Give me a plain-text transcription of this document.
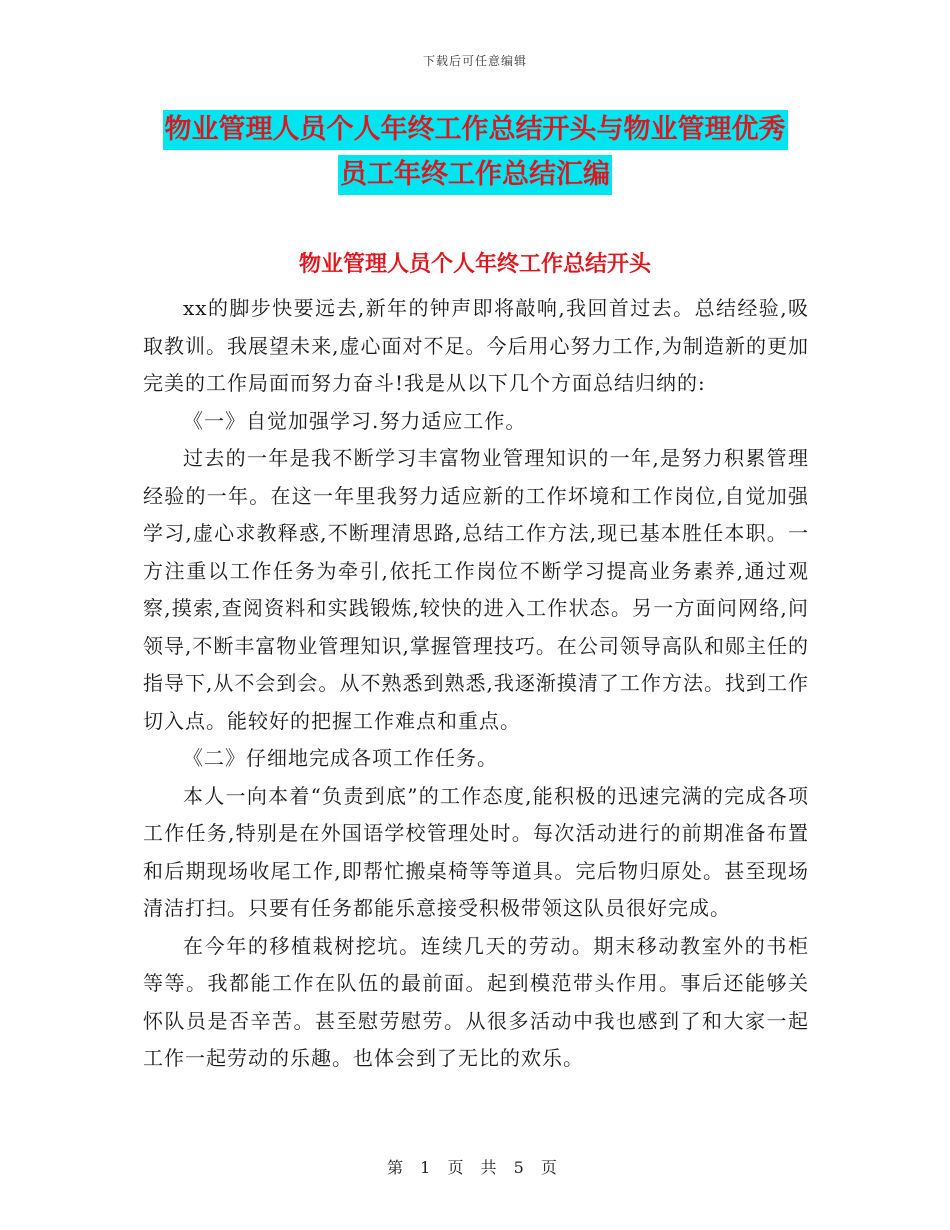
下载后可任意编辑
物业管理人员个人年终工作总结开头与物业管理优秀
员工年终工作总结汇编
物业管理人员个人年终工作总结开头

xx的脚步快要远去,新年的钟声即将敲响,我回首过去。总结经验,吸取教训。我展望未来,虚心面对不足。今后用心努力工作,为制造新的更加完美的工作局面而努力奋斗!我是从以下几个方面总结归纳的:

《一》自觉加强学习.努力适应工作。

过去的一年是我不断学习丰富物业管理知识的一年,是努力积累管理经验的一年。在这一年里我努力适应新的工作坏境和工作岗位,自觉加强学习,虚心求教释惑,不断理清思路,总结工作方法,现已基本胜任本职。一方注重以工作任务为牵引,依托工作岗位不断学习提高业务素养,通过观察,摸索,查阅资料和实践锻炼,较快的进入工作状态。另一方面问网络,问领导,不断丰富物业管理知识,掌握管理技巧。在公司领导高队和郧主任的指导下,从不会到会。从不熟悉到熟悉,我逐渐摸清了工作方法。找到工作切入点。能较好的把握工作难点和重点。

《二》仔细地完成各项工作任务。

本人一向本着“负责到底”的工作态度,能积极的迅速完满的完成各项工作任务,特别是在外国语学校管理处时。每次活动进行的前期准备布置和后期现场收尾工作,即帮忙搬桌椅等等道具。完后物归原处。甚至现场清洁打扫。只要有任务都能乐意接受积极带领这队员很好完成。

在今年的移植栽树挖坑。连续几天的劳动。期末移动教室外的书柜等等。我都能工作在队伍的最前面。起到模范带头作用。事后还能够关怀队员是否辛苦。甚至慰劳慰劳。从很多活动中我也感到了和大家一起工作一起劳动的乐趣。也体会到了无比的欢乐。

第 1 页 共 5 页
